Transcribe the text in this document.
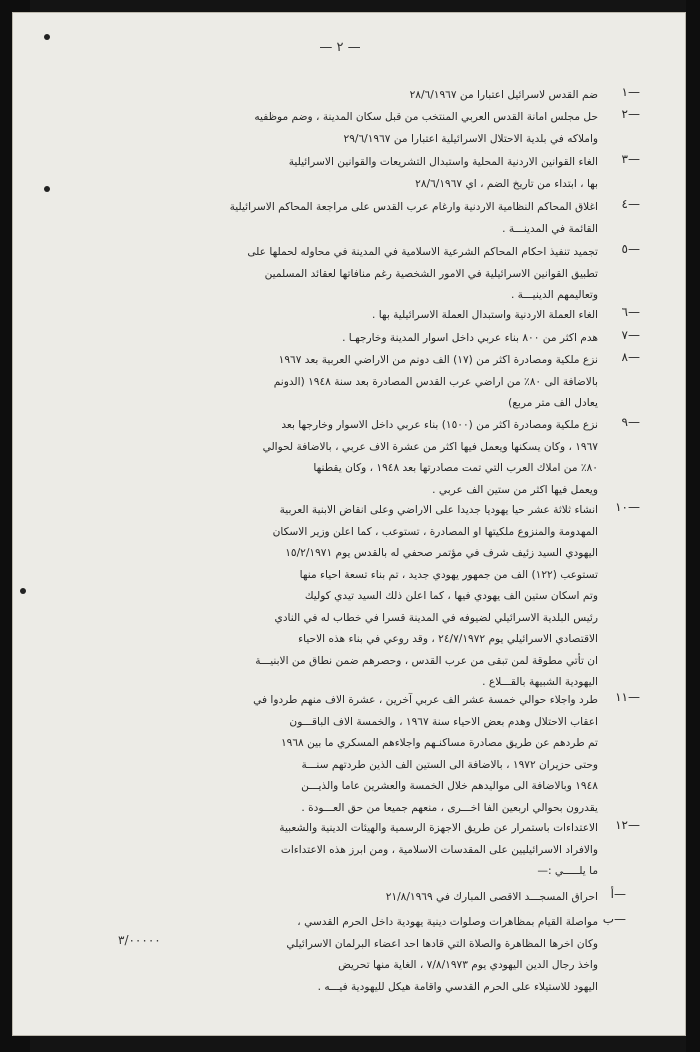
— ٢ —
١—
ضم القدس لاسرائيل اعتبارا من ٢٨/٦/١٩٦٧
٢—
حل مجلس امانة القدس العربي المنتخب من قبل سكان المدينة ، وضم موظفيه
واملاكه في بلدية الاحتلال الاسرائيلية اعتبارا من ٢٩/٦/١٩٦٧
٣—
الغاء القوانين الاردنية المحلية واستبدال التشريعات والقوانين الاسرائيلية
بها ، ابتداء من تاريخ الضم ، اي ٢٨/٦/١٩٦٧
٤—
اغلاق المحاكم النظامية الاردنية وارغام عرب القدس على مراجعة المحاكم الاسرائيلية
القائمة في المدينـــة .
٥—
تجميد تنفيذ احكام المحاكم الشرعية الاسلامية في المدينة في محاوله لحملها على
تطبيق القوانين الاسرائيلية في الامور الشخصية رغم منافاتها لعقائد المسلمين
وتعاليمهم الدينيـــة .
٦—
الغاء العملة الاردنية واستبدال العملة الاسرائيلية بها .
٧—
هدم اكثر من ٨٠٠ بناء عربي داخل اسوار المدينة وخارجهـا .
٨—
نزع ملكية ومصادرة اكثر من (١٧) الف دونم من الاراضي العربية بعد ١٩٦٧
بالاضافة الى ٨٠٪ من اراضي عرب القدس المصادرة بعد سنة ١٩٤٨ (الدونم
يعادل الف متر مربع)
٩—
نزع ملكية ومصادرة اكثر من (١٥٠٠) بناء عربي داخل الاسوار وخارجها بعد
١٩٦٧ ، وكان يسكنها ويعمل فيها اكثر من عشرة الاف عربي ، بالاضافة لحوالي
٨٠٪ من املاك العرب التي تمت مصادرتها بعد ١٩٤٨ ، وكان يقطنها
ويعمل فيها اكثر من ستين الف عربي .
١٠—
انشاء ثلاثة عشر حيا يهوديا جديدا على الاراضي وعلى انقاض الابنية العربية
المهدومة والمنزوع ملكيتها او المصادرة ، تستوعب ، كما اعلن وزير الاسكان
اليهودي السيد زئيف شرف في مؤتمر صحفي له بالقدس يوم ١٥/٢/١٩٧١
تستوعب (١٢٢) الف من جمهور يهودي جديد ، تم بناء تسعة احياء منها
وتم اسكان ستين الف يهودي فيها ، كما اعلن ذلك السيد تيدي كوليك
رئيس البلدية الاسرائيلي لضيوفه في المدينة قسرا في خطاب له في النادي
الاقتصادي الاسرائيلي يوم ٢٤/٧/١٩٧٢ ، وقد روعي في بناء هذه الاحياء
ان تأتي مطوقة لمن تبقى من عرب القدس ، وحصرهم ضمن نطاق من الابنيـــة
اليهودية الشبيهة بالقـــلاع .
١١—
طرد واجلاء حوالي خمسة عشر الف عربي آخرين ، عشرة الاف منهم طردوا في
اعقاب الاحتلال وهدم بعض الاحياء سنة ١٩٦٧ ، والخمسة الاف الباقـــون
تم طردهم عن طريق مصادرة مساكنـهم واجلاءهم المسكري ما بين ١٩٦٨
وحتى حزيران ١٩٧٢ ، بالاضافة الى الستين الف الذين طردتهم سنـــة
١٩٤٨ وبالاضافة الى مواليدهم خلال الخمسة والعشرين عاما والذيـــن
يقدرون بحوالي اربعين الفا اخـــرى ، منعهم جميعا من حق العـــودة .
١٢—
الاعتداءات باستمرار عن طريق الاجهزة الرسمية والهيئات الدينية والشعبية
والافراد الاسرائيليين على المقدسات الاسلامية ، ومن ابرز هذه الاعتداءات
ما يلـــــي :—
أ—
احراق المسجـــد الاقصى المبارك في ٢١/٨/١٩٦٩
ب—
مواصلة القيام بمظاهرات وصلوات دينية يهودية داخل الحرم القدسي ،
وكان اخرها المظاهرة والصلاة التي قادها احد اعضاء البرلمان الاسرائيلي
واخذ رجال الدين اليهودي يوم ٧/٨/١٩٧٣ ، الغاية منها تحريض
اليهود للاستيلاء على الحرم القدسي واقامة هيكل لليهودية فيـــه .
٣/٠٠٠٠٠
